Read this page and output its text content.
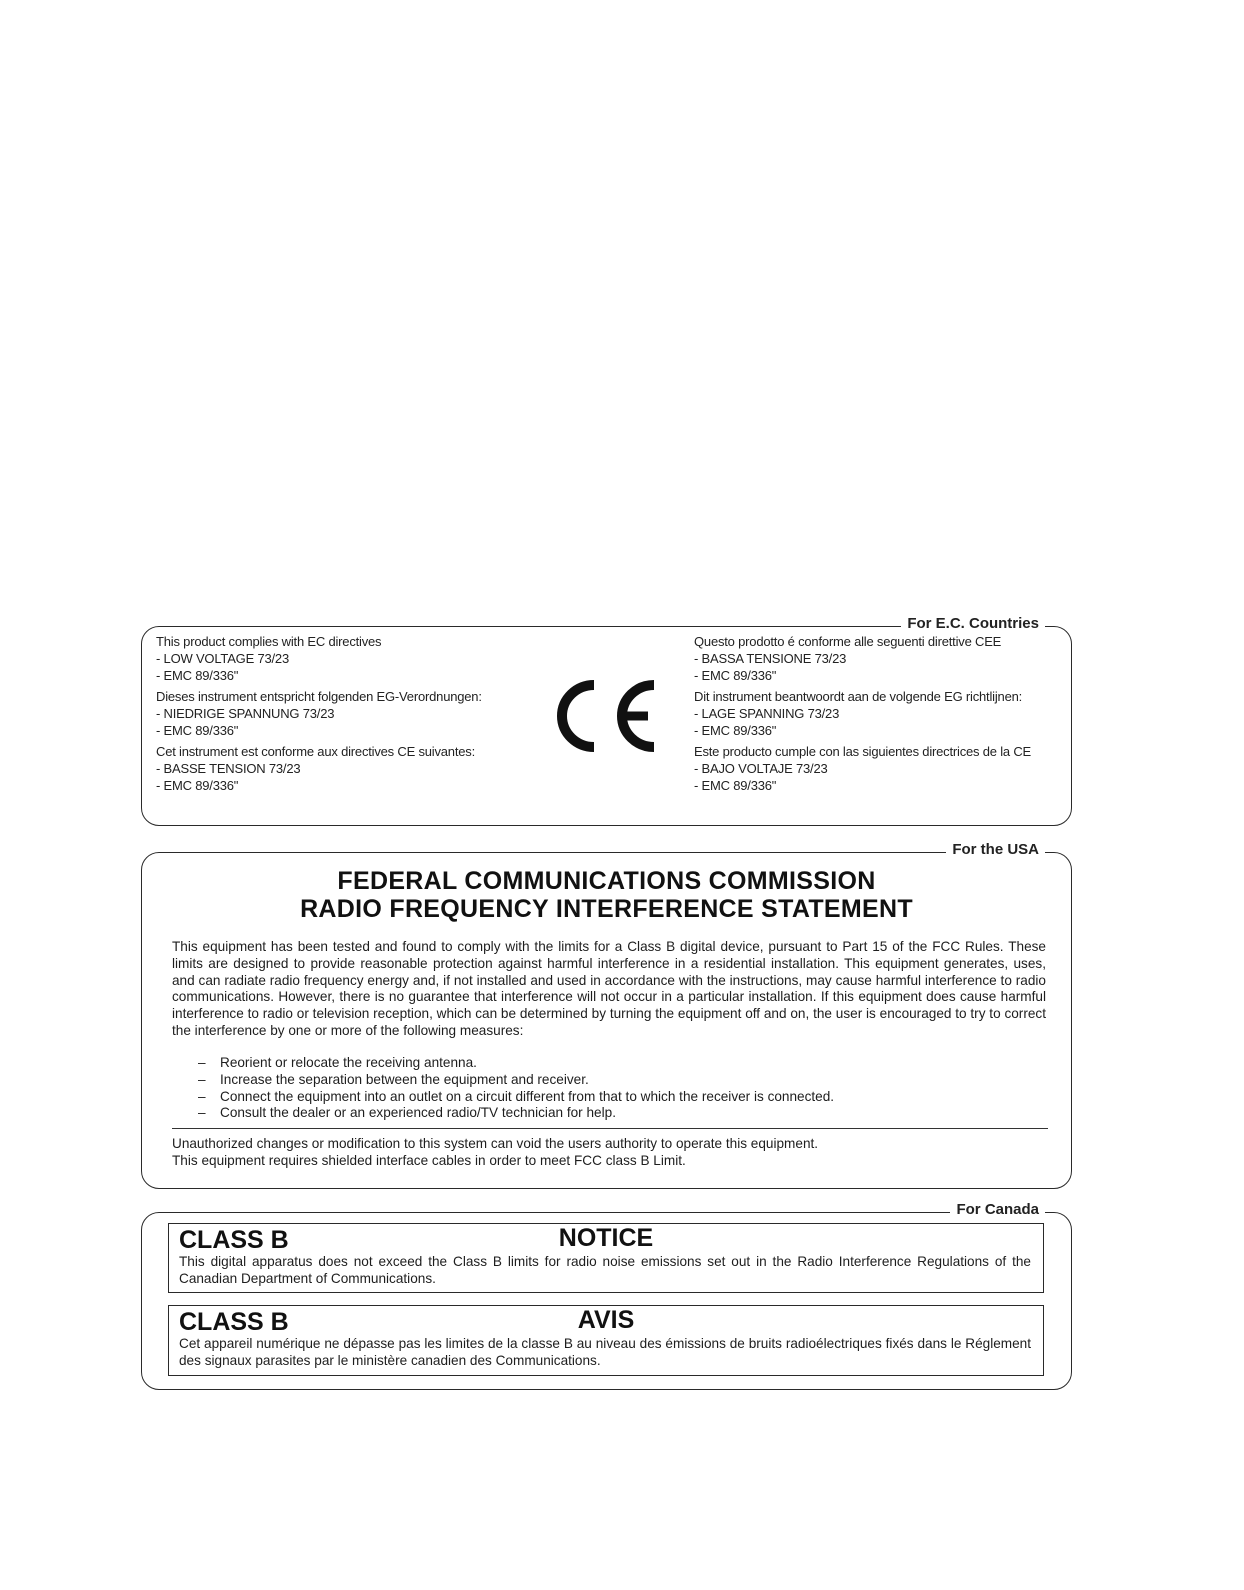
For E.C. Countries

This product complies with EC directives

- LOW VOLTAGE 73/23

- EMC 89/336"

Dieses instrument entspricht folgenden EG-Verordnungen:

- NIEDRIGE SPANNUNG 73/23

- EMC 89/336"

Cet instrument est conforme aux directives CE suivantes:

- BASSE TENSION 73/23

- EMC 89/336"

Questo prodotto é conforme alle seguenti direttive CEE

- BASSA TENSIONE 73/23

- EMC 89/336"

Dit instrument beantwoordt aan de volgende EG richtlijnen:

- LAGE SPANNING 73/23

- EMC 89/336"

Este producto cumple con las siguientes directrices de la CE

- BAJO VOLTAJE 73/23

- EMC 89/336"

For the USA
FEDERAL COMMUNICATIONS COMMISSION
RADIO FREQUENCY INTERFERENCE STATEMENT

This equipment has been tested and found to comply with the limits for a Class B digital device, pursuant to Part 15 of the FCC Rules. These limits are designed to provide reasonable protection against harmful interference in a residential installation. This equipment generates, uses, and can radiate radio frequency energy and, if not installed and used in accordance with the instructions, may cause harmful interference to radio communications. However, there is no guarantee that interference will not occur in a particular installation. If this equipment does cause harmful interference to radio or television reception, which can be determined by turning the equipment off and on, the user is encouraged to try to correct the interference by one or more of the following measures:

– Reorient or relocate the receiving antenna.
– Increase the separation between the equipment and receiver.
– Connect the equipment into an outlet on a circuit different from that to which the receiver is connected.
– Consult the dealer or an experienced radio/TV technician for help.

Unauthorized changes or modification to this system can void the users authority to operate this equipment.
This equipment requires shielded interface cables in order to meet FCC class B Limit.

For Canada
NOTICE
CLASS B

This digital apparatus does not exceed the Class B limits for radio noise emissions set out in the Radio Interference Regulations of the Canadian Department of Communications.

AVIS
CLASS B

Cet appareil numérique ne dépasse pas les limites de la classe B au niveau des émissions de bruits radioélectriques fixés dans le Réglement des signaux parasites par le ministère canadien des Communications.
